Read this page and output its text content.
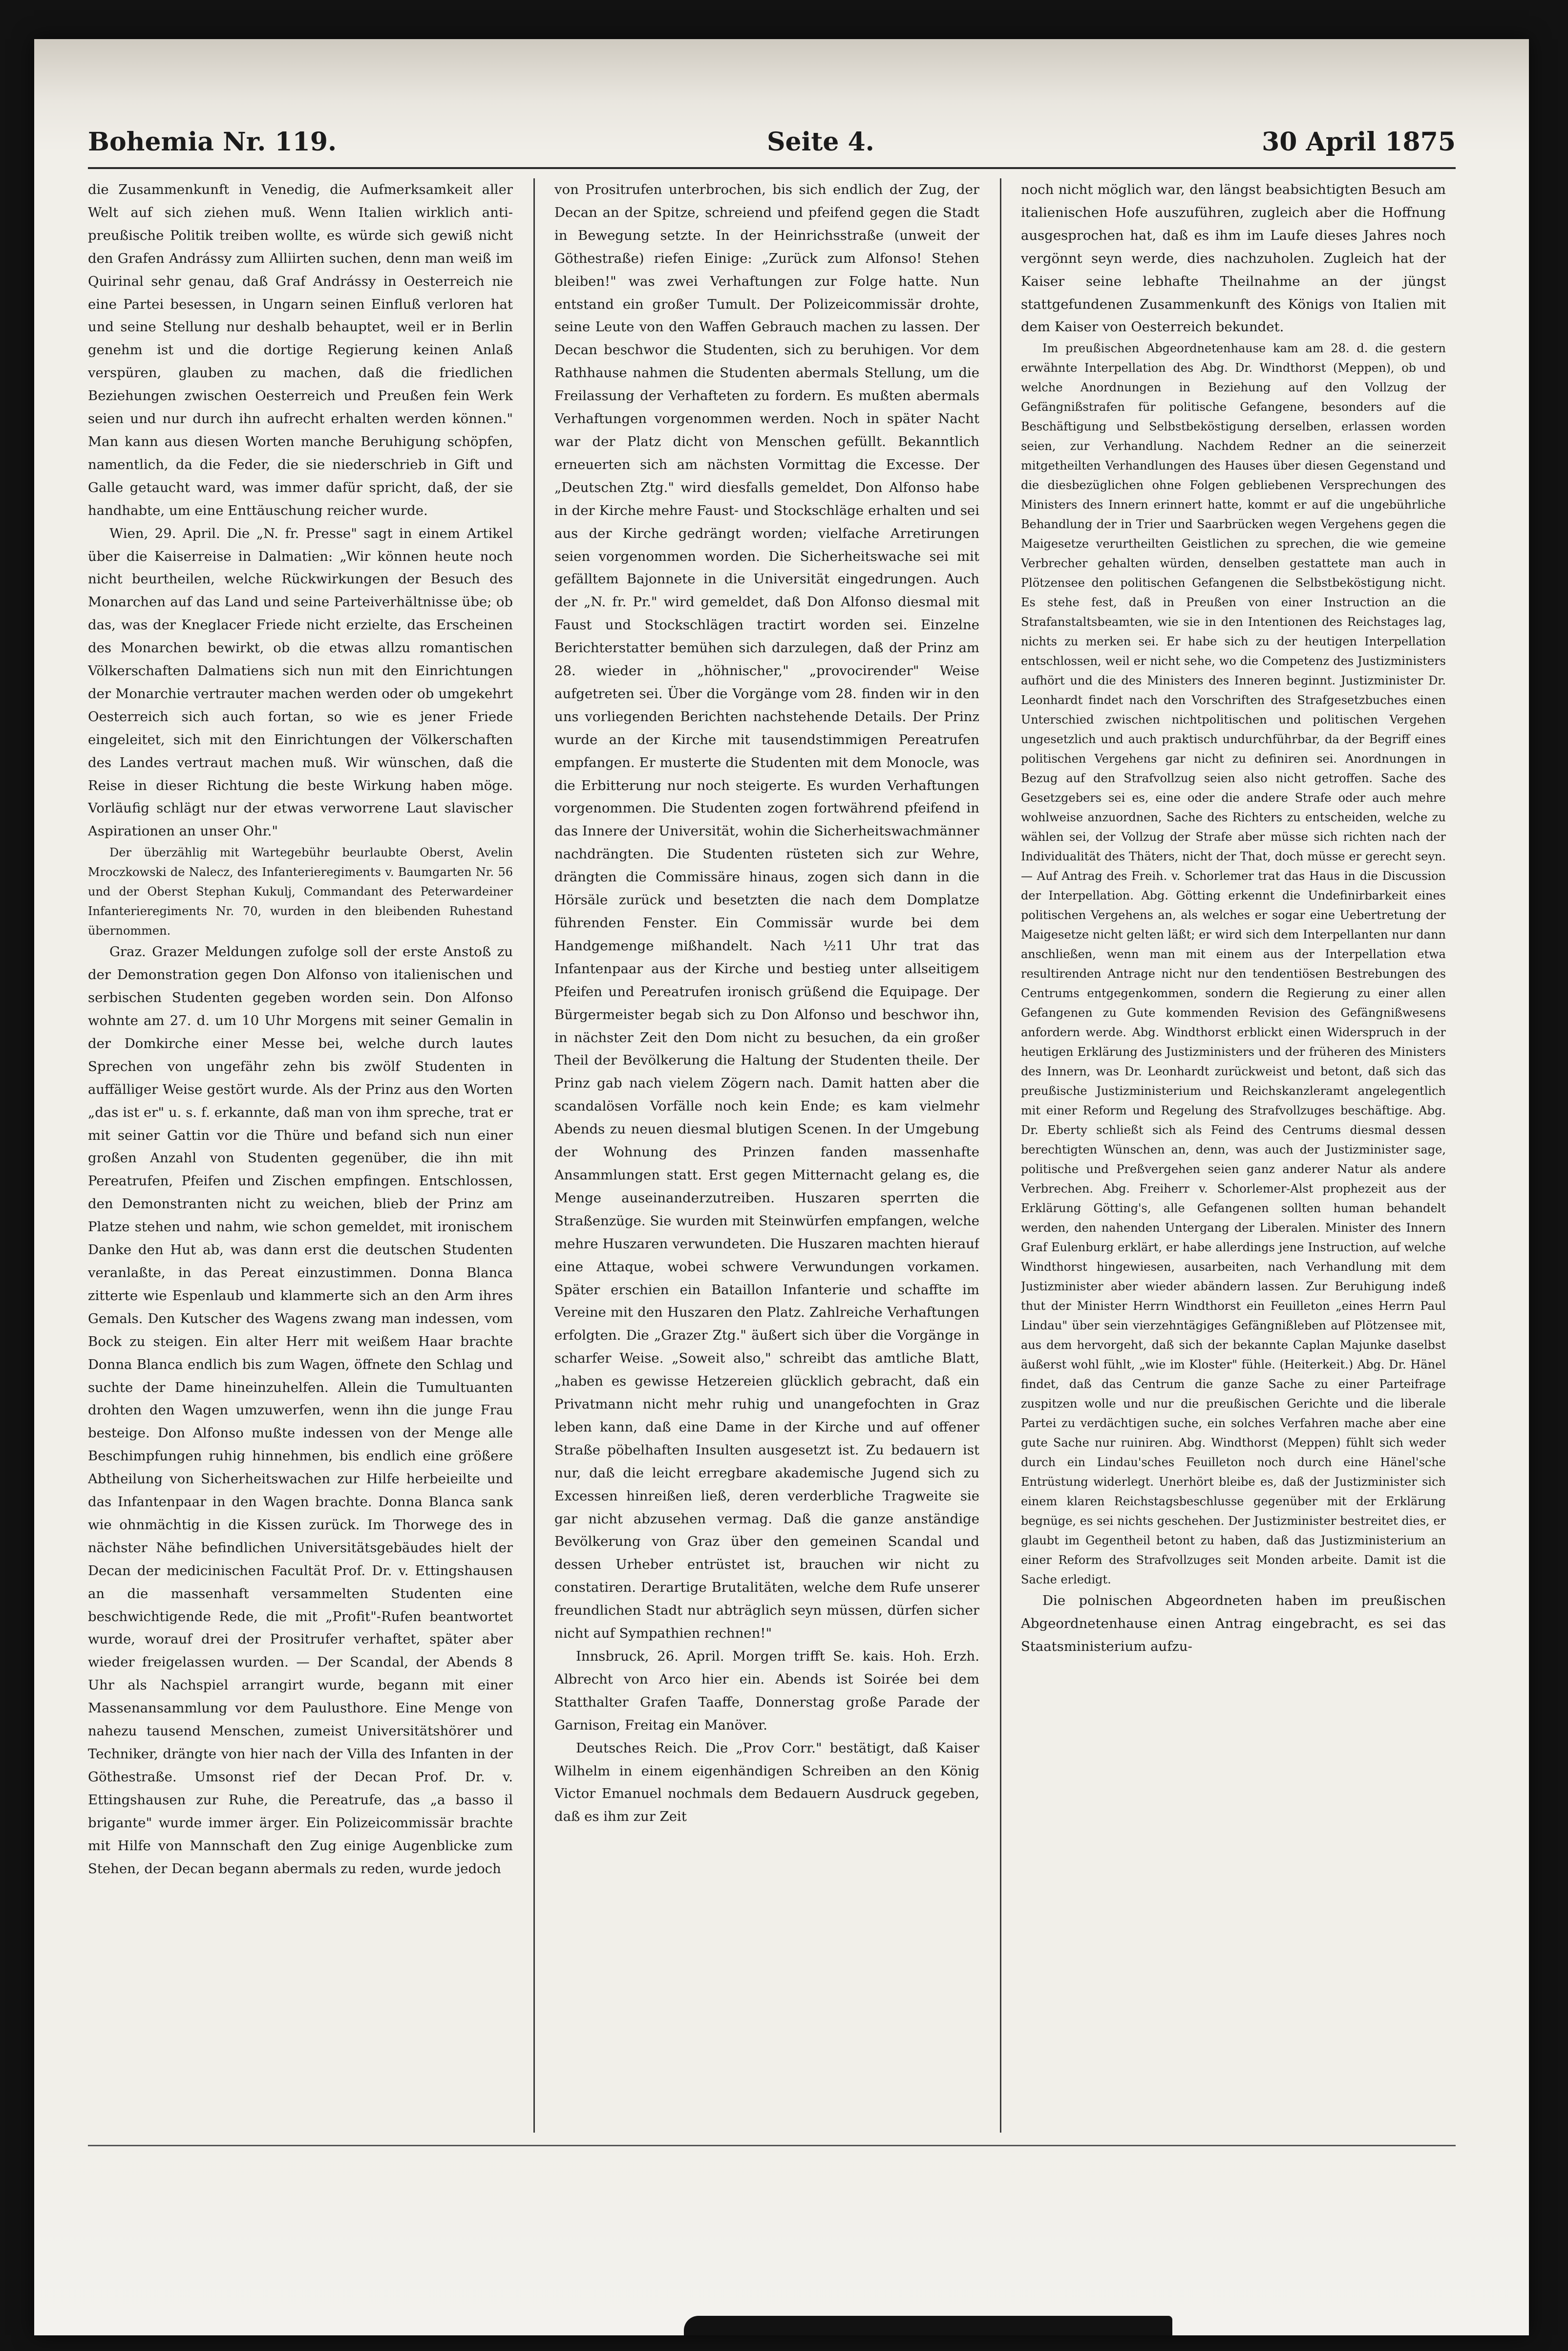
Bohemia Nr. 119.	Seite 4.	30 April 1875

die Zusammenkunft in Venedig, die Aufmerksamkeit aller Welt auf sich ziehen muß. Wenn Italien wirklich anti-preußische Politik treiben wollte, es würde sich gewiß nicht den Grafen Andrássy zum Alliirten suchen, denn man weiß im Quirinal sehr genau, daß Graf Andrássy in Oesterreich nie eine Partei besessen, in Ungarn seinen Einfluß verloren hat und seine Stellung nur deshalb behauptet, weil er in Berlin genehm ist und die dortige Regierung keinen Anlaß verspüren, glauben zu machen, daß die friedlichen Beziehungen zwischen Oesterreich und Preußen fein Werk seien und nur durch ihn aufrecht erhalten werden können." Man kann aus diesen Worten manche Beruhigung schöpfen, namentlich, da die Feder, die sie niederschrieb in Gift und Galle getaucht ward, was immer dafür spricht, daß, der sie handhabte, um eine Enttäuschung reicher wurde.

Wien, 29. April. Die „N. fr. Presse" sagt in einem Artikel über die Kaiserreise in Dalmatien: „Wir können heute noch nicht beurtheilen, welche Rückwirkungen der Besuch des Monarchen auf das Land und seine Parteiverhältnisse übe; ob das, was der Kneglacer Friede nicht erzielte, das Erscheinen des Monarchen bewirkt, ob die etwas allzu romantischen Völkerschaften Dalmatiens sich nun mit den Einrichtungen der Monarchie vertrauter machen werden oder ob umgekehrt Oesterreich sich auch fortan, so wie es jener Friede eingeleitet, sich mit den Einrichtungen der Völkerschaften des Landes vertraut machen muß. Wir wünschen, daß die Reise in dieser Richtung die beste Wirkung haben möge. Vorläufig schlägt nur der etwas verworrene Laut slavischer Aspirationen an unser Ohr."

Der überzählig mit Wartegebühr beurlaubte Oberst, Avelin Mroczkowski de Nalecz, des Infanterieregiments v. Baumgarten Nr. 56 und der Oberst Stephan Kukulj, Commandant des Peterwardeiner Infanterieregiments Nr. 70, wurden in den bleibenden Ruhestand übernommen.

Graz. Grazer Meldungen zufolge soll der erste Anstoß zu der Demonstration gegen Don Alfonso von italienischen und serbischen Studenten gegeben worden sein. Don Alfonso wohnte am 27. d. um 10 Uhr Morgens mit seiner Gemalin in der Domkirche einer Messe bei, welche durch lautes Sprechen von ungefähr zehn bis zwölf Studenten in auffälliger Weise gestört wurde. Als der Prinz aus den Worten „das ist er" u. s. f. erkannte, daß man von ihm spreche, trat er mit seiner Gattin vor die Thüre und befand sich nun einer großen Anzahl von Studenten gegenüber, die ihn mit Pereatrufen, Pfeifen und Zischen empfingen. Entschlossen, den Demonstranten nicht zu weichen, blieb der Prinz am Platze stehen und nahm, wie schon gemeldet, mit ironischem Danke den Hut ab, was dann erst die deutschen Studenten veranlaßte, in das Pereat einzustimmen. Donna Blanca zitterte wie Espenlaub und klammerte sich an den Arm ihres Gemals. Den Kutscher des Wagens zwang man indessen, vom Bock zu steigen. Ein alter Herr mit weißem Haar brachte Donna Blanca endlich bis zum Wagen, öffnete den Schlag und suchte der Dame hineinzuhelfen. Allein die Tumultuanten drohten den Wagen umzuwerfen, wenn ihn die junge Frau besteige. Don Alfonso mußte indessen von der Menge alle Beschimpfungen ruhig hinnehmen, bis endlich eine größere Abtheilung von Sicherheitswachen zur Hilfe herbeieilte und das Infantenpaar in den Wagen brachte. Donna Blanca sank wie ohnmächtig in die Kissen zurück. Im Thorwege des in nächster Nähe befindlichen Universitätsgebäudes hielt der Decan der medicinischen Facultät Prof. Dr. v. Ettingshausen an die massenhaft versammelten Studenten eine beschwichtigende Rede, die mit „Profit"-Rufen beantwortet wurde, worauf drei der Prositrufer verhaftet, später aber wieder freigelassen wurden. — Der Scandal, der Abends 8 Uhr als Nachspiel arrangirt wurde, begann mit einer Massenansammlung vor dem Paulusthore. Eine Menge von nahezu tausend Menschen, zumeist Universitätshörer und Techniker, drängte von hier nach der Villa des Infanten in der Göthestraße. Umsonst rief der Decan Prof. Dr. v. Ettingshausen zur Ruhe, die Pereatrufe, das „a basso il brigante" wurde immer ärger. Ein Polizeicommissär brachte mit Hilfe von Mannschaft den Zug einige Augenblicke zum Stehen, der Decan begann abermals zu reden, wurde jedoch

von Prositrufen unterbrochen, bis sich endlich der Zug, der Decan an der Spitze, schreiend und pfeifend gegen die Stadt in Bewegung setzte. In der Heinrichsstraße (unweit der Göthestraße) riefen Einige: „Zurück zum Alfonso! Stehen bleiben!" was zwei Verhaftungen zur Folge hatte. Nun entstand ein großer Tumult. Der Polizeicommissär drohte, seine Leute von den Waffen Gebrauch machen zu lassen. Der Decan beschwor die Studenten, sich zu beruhigen. Vor dem Rathhause nahmen die Studenten abermals Stellung, um die Freilassung der Verhafteten zu fordern. Es mußten abermals Verhaftungen vorgenommen werden. Noch in später Nacht war der Platz dicht von Menschen gefüllt. Bekanntlich erneuerten sich am nächsten Vormittag die Excesse. Der „Deutschen Ztg." wird diesfalls gemeldet, Don Alfonso habe in der Kirche mehre Faust- und Stockschläge erhalten und sei aus der Kirche gedrängt worden; vielfache Arretirungen seien vorgenommen worden. Die Sicherheitswache sei mit gefälltem Bajonnete in die Universität eingedrungen. Auch der „N. fr. Pr." wird gemeldet, daß Don Alfonso diesmal mit Faust und Stockschlägen tractirt worden sei. Einzelne Berichterstatter bemühen sich darzulegen, daß der Prinz am 28. wieder in „höhnischer," „provocirender" Weise aufgetreten sei. Über die Vorgänge vom 28. finden wir in den uns vorliegenden Berichten nachstehende Details. Der Prinz wurde an der Kirche mit tausendstimmigen Pereatrufen empfangen. Er musterte die Studenten mit dem Monocle, was die Erbitterung nur noch steigerte. Es wurden Verhaftungen vorgenommen. Die Studenten zogen fortwährend pfeifend in das Innere der Universität, wohin die Sicherheitswachmänner nachdrängten. Die Studenten rüsteten sich zur Wehre, drängten die Commissäre hinaus, zogen sich dann in die Hörsäle zurück und besetzten die nach dem Domplatze führenden Fenster. Ein Commissär wurde bei dem Handgemenge mißhandelt. Nach ½11 Uhr trat das Infantenpaar aus der Kirche und bestieg unter allseitigem Pfeifen und Pereatrufen ironisch grüßend die Equipage. Der Bürgermeister begab sich zu Don Alfonso und beschwor ihn, in nächster Zeit den Dom nicht zu besuchen, da ein großer Theil der Bevölkerung die Haltung der Studenten theile. Der Prinz gab nach vielem Zögern nach. Damit hatten aber die scandalösen Vorfälle noch kein Ende; es kam vielmehr Abends zu neuen diesmal blutigen Scenen. In der Umgebung der Wohnung des Prinzen fanden massenhafte Ansammlungen statt. Erst gegen Mitternacht gelang es, die Menge auseinanderzutreiben. Huszaren sperrten die Straßenzüge. Sie wurden mit Steinwürfen empfangen, welche mehre Huszaren verwundeten. Die Huszaren machten hierauf eine Attaque, wobei schwere Verwundungen vorkamen. Später erschien ein Bataillon Infanterie und schaffte im Vereine mit den Huszaren den Platz. Zahlreiche Verhaftungen erfolgten. Die „Grazer Ztg." äußert sich über die Vorgänge in scharfer Weise. „Soweit also," schreibt das amtliche Blatt, „haben es gewisse Hetzereien glücklich gebracht, daß ein Privatmann nicht mehr ruhig und unangefochten in Graz leben kann, daß eine Dame in der Kirche und auf offener Straße pöbelhaften Insulten ausgesetzt ist. Zu bedauern ist nur, daß die leicht erregbare akademische Jugend sich zu Excessen hinreißen ließ, deren verderbliche Tragweite sie gar nicht abzusehen vermag. Daß die ganze anständige Bevölkerung von Graz über den gemeinen Scandal und dessen Urheber entrüstet ist, brauchen wir nicht zu constatiren. Derartige Brutalitäten, welche dem Rufe unserer freundlichen Stadt nur abträglich seyn müssen, dürfen sicher nicht auf Sympathien rechnen!"

Innsbruck, 26. April. Morgen trifft Se. kais. Hoh. Erzh. Albrecht von Arco hier ein. Abends ist Soirée bei dem Statthalter Grafen Taaffe, Donnerstag große Parade der Garnison, Freitag ein Manöver.

Deutsches Reich. Die „Prov Corr." bestätigt, daß Kaiser Wilhelm in einem eigenhändigen Schreiben an den König Victor Emanuel nochmals dem Bedauern Ausdruck gegeben, daß es ihm zur Zeit

noch nicht möglich war, den längst beabsichtigten Besuch am italienischen Hofe auszuführen, zugleich aber die Hoffnung ausgesprochen hat, daß es ihm im Laufe dieses Jahres noch vergönnt seyn werde, dies nachzuholen. Zugleich hat der Kaiser seine lebhafte Theilnahme an der jüngst stattgefundenen Zusammenkunft des Königs von Italien mit dem Kaiser von Oesterreich bekundet.

Im preußischen Abgeordnetenhause kam am 28. d. die gestern erwähnte Interpellation des Abg. Dr. Windthorst (Meppen), ob und welche Anordnungen in Beziehung auf den Vollzug der Gefängnißstrafen für politische Gefangene, besonders auf die Beschäftigung und Selbstbeköstigung derselben, erlassen worden seien, zur Verhandlung. Nachdem Redner an die seinerzeit mitgetheilten Verhandlungen des Hauses über diesen Gegenstand und die diesbezüglichen ohne Folgen gebliebenen Versprechungen des Ministers des Innern erinnert hatte, kommt er auf die ungebührliche Behandlung der in Trier und Saarbrücken wegen Vergehens gegen die Maigesetze verurtheilten Geistlichen zu sprechen, die wie gemeine Verbrecher gehalten würden, denselben gestattete man auch in Plötzensee den politischen Gefangenen die Selbstbeköstigung nicht. Es stehe fest, daß in Preußen von einer Instruction an die Strafanstaltsbeamten, wie sie in den Intentionen des Reichstages lag, nichts zu merken sei. Er habe sich zu der heutigen Interpellation entschlossen, weil er nicht sehe, wo die Competenz des Justizministers aufhört und die des Ministers des Inneren beginnt. Justizminister Dr. Leonhardt findet nach den Vorschriften des Strafgesetzbuches einen Unterschied zwischen nichtpolitischen und politischen Vergehen ungesetzlich und auch praktisch undurchführbar, da der Begriff eines politischen Vergehens gar nicht zu definiren sei. Anordnungen in Bezug auf den Strafvollzug seien also nicht getroffen. Sache des Gesetzgebers sei es, eine oder die andere Strafe oder auch mehre wohlweise anzuordnen, Sache des Richters zu entscheiden, welche zu wählen sei, der Vollzug der Strafe aber müsse sich richten nach der Individualität des Thäters, nicht der That, doch müsse er gerecht seyn. — Auf Antrag des Freih. v. Schorlemer trat das Haus in die Discussion der Interpellation. Abg. Götting erkennt die Undefinirbarkeit eines politischen Vergehens an, als welches er sogar eine Uebertretung der Maigesetze nicht gelten läßt; er wird sich dem Interpellanten nur dann anschließen, wenn man mit einem aus der Interpellation etwa resultirenden Antrage nicht nur den tendentiösen Bestrebungen des Centrums entgegenkommen, sondern die Regierung zu einer allen Gefangenen zu Gute kommenden Revision des Gefängnißwesens anfordern werde. Abg. Windthorst erblickt einen Widerspruch in der heutigen Erklärung des Justizministers und der früheren des Ministers des Innern, was Dr. Leonhardt zurückweist und betont, daß sich das preußische Justizministerium und Reichskanzleramt angelegentlich mit einer Reform und Regelung des Strafvollzuges beschäftige. Abg. Dr. Eberty schließt sich als Feind des Centrums diesmal dessen berechtigten Wünschen an, denn, was auch der Justizminister sage, politische und Preßvergehen seien ganz anderer Natur als andere Verbrechen. Abg. Freiherr v. Schorlemer-Alst prophezeit aus der Erklärung Götting's, alle Gefangenen sollten human behandelt werden, den nahenden Untergang der Liberalen. Minister des Innern Graf Eulenburg erklärt, er habe allerdings jene Instruction, auf welche Windthorst hingewiesen, ausarbeiten, nach Verhandlung mit dem Justizminister aber wieder abändern lassen. Zur Beruhigung indeß thut der Minister Herrn Windthorst ein Feuilleton „eines Herrn Paul Lindau" über sein vierzehntägiges Gefängnißleben auf Plötzensee mit, aus dem hervorgeht, daß sich der bekannte Caplan Majunke daselbst äußerst wohl fühlt, „wie im Kloster" fühle. (Heiterkeit.) Abg. Dr. Hänel findet, daß das Centrum die ganze Sache zu einer Parteifrage zuspitzen wolle und nur die preußischen Gerichte und die liberale Partei zu verdächtigen suche, ein solches Verfahren mache aber eine gute Sache nur ruiniren. Abg. Windthorst (Meppen) fühlt sich weder durch ein Lindau'sches Feuilleton noch durch eine Hänel'sche Entrüstung widerlegt. Unerhört bleibe es, daß der Justizminister sich einem klaren Reichstagsbeschlusse gegenüber mit der Erklärung begnüge, es sei nichts geschehen. Der Justizminister bestreitet dies, er glaubt im Gegentheil betont zu haben, daß das Justizministerium an einer Reform des Strafvollzuges seit Monden arbeite. Damit ist die Sache erledigt.

Die polnischen Abgeordneten haben im preußischen Abgeordnetenhause einen Antrag eingebracht, es sei das Staatsministerium aufzu-
